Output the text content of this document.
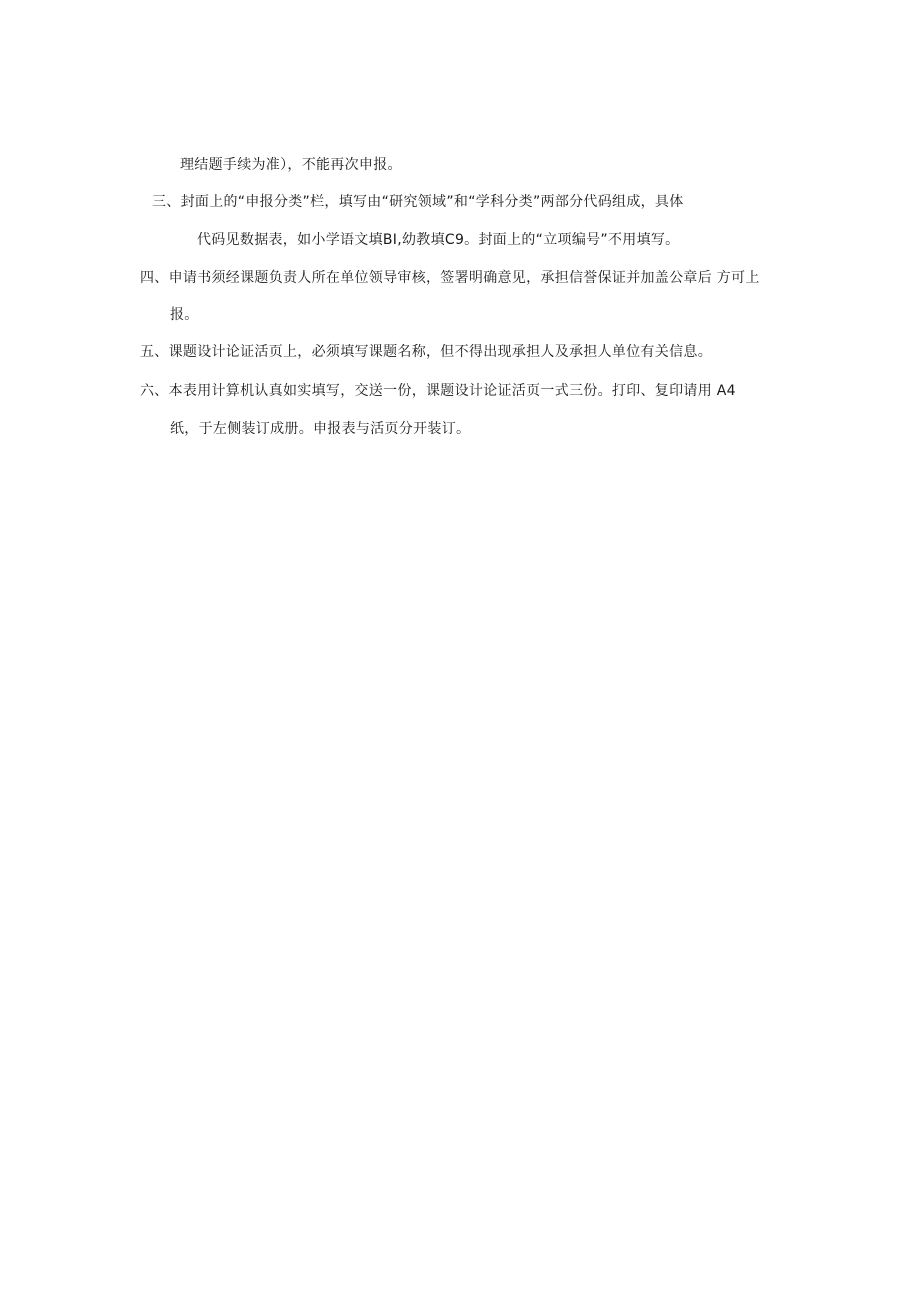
理结题手续为准），不能再次申报。
三、封面上的“申报分类”栏，填写由“研究领域”和“学科分类”两部分代码组成，具体
代码见数据表，如小学语文填BI,幼教填C9。封面上的“立项编号”不用填写。
四、申请书须经课题负责人所在单位领导审核，签署明确意见，承担信誉保证并加盖公章后 方可上
报。
五、课题设计论证活页上，必须填写课题名称，但不得出现承担人及承担人单位有关信息。
六、本表用计算机认真如实填写，交送一份，课题设计论证活页一式三份。打印、复印请用 A4
纸，于左侧装订成册。申报表与活页分开装订。
